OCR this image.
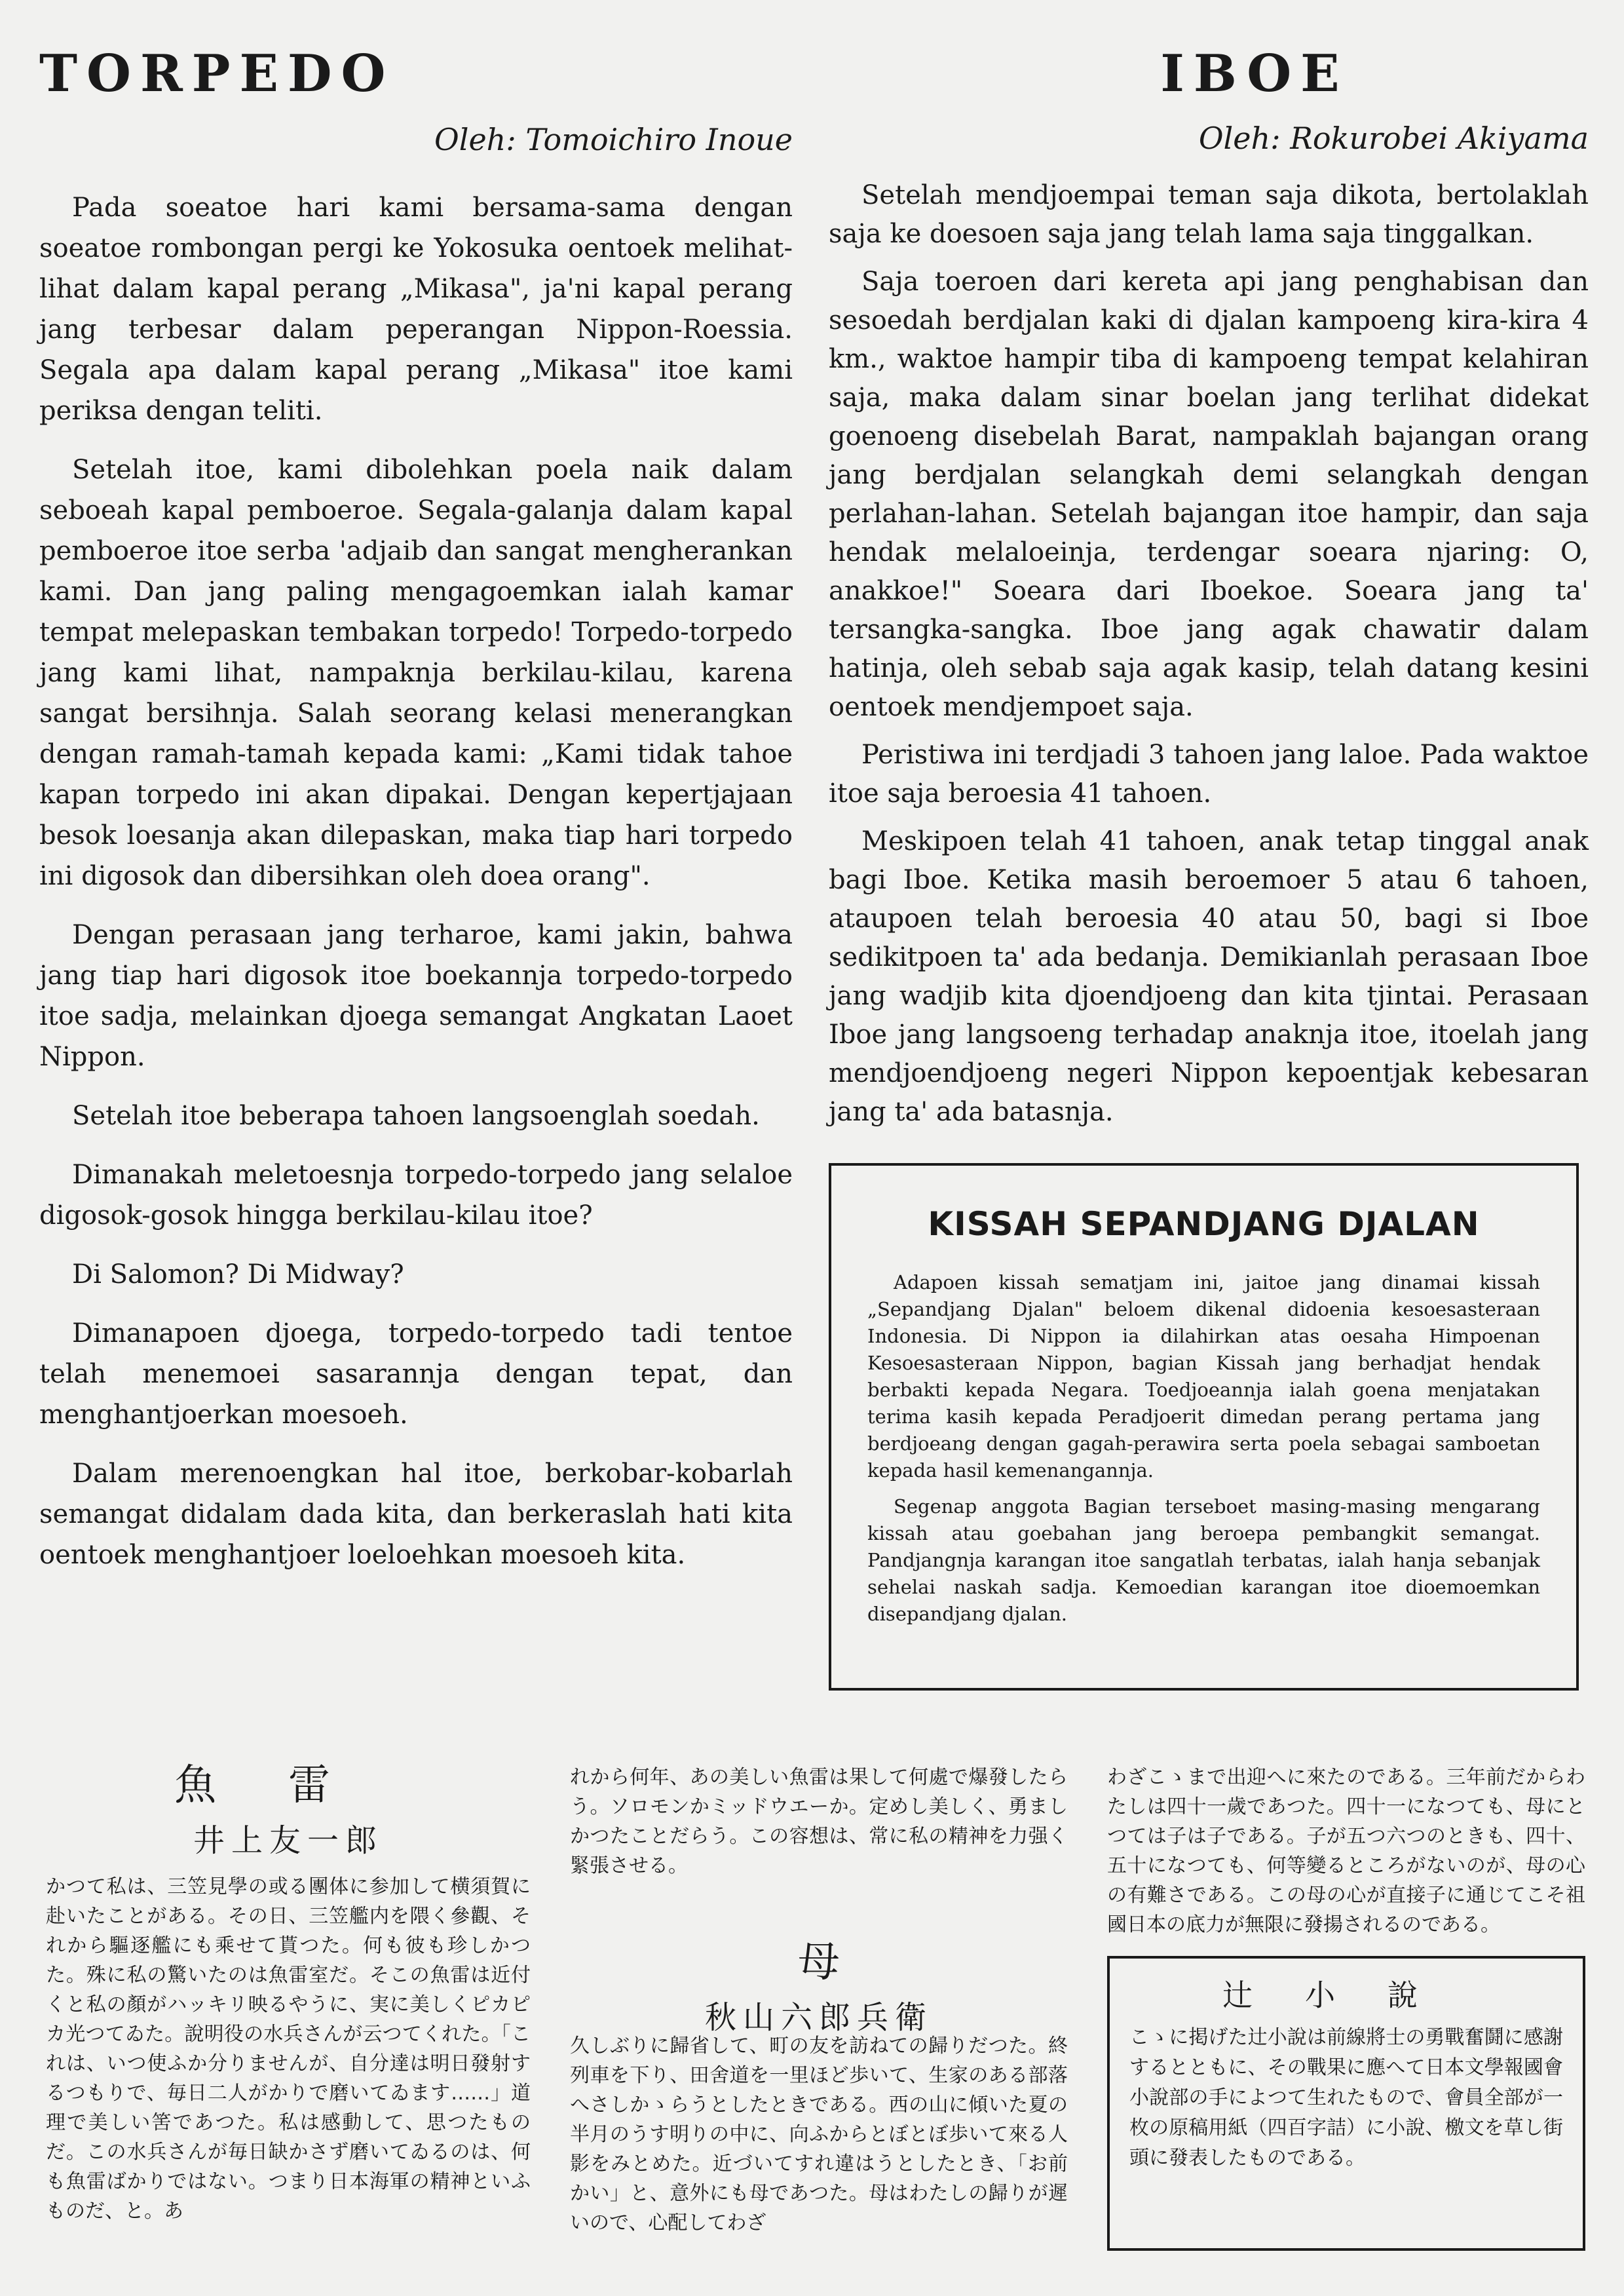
TORPEDO
Oleh: Tomoichiro Inoue

Pada soeatoe hari kami bersama-sama dengan soeatoe rombongan pergi ke Yokosuka oentoek melihat-lihat dalam kapal perang „Mikasa", ja'ni kapal perang jang terbesar dalam peperangan Nippon-Roessia. Segala apa dalam kapal perang „Mikasa" itoe kami periksa dengan teliti.

Setelah itoe, kami dibolehkan poela naik dalam seboeah kapal pemboeroe. Segala-galanja dalam kapal pemboeroe itoe serba 'adjaib dan sangat mengherankan kami. Dan jang paling mengagoemkan ialah kamar tempat melepaskan tembakan torpedo! Torpedo-torpedo jang kami lihat, nampaknja berkilau-kilau, karena sangat bersihnja. Salah seorang kelasi menerangkan dengan ramah-tamah kepada kami: „Kami tidak tahoe kapan torpedo ini akan dipakai. Dengan kepertjajaan besok loesanja akan dilepaskan, maka tiap hari torpedo ini digosok dan dibersihkan oleh doea orang".

Dengan perasaan jang terharoe, kami jakin, bahwa jang tiap hari digosok itoe boekannja torpedo-torpedo itoe sadja, melainkan djoega semangat Angkatan Laoet Nippon.

Setelah itoe beberapa tahoen langsoenglah soedah.

Dimanakah meletoesnja torpedo-torpedo jang selaloe digosok-gosok hingga berkilau-kilau itoe?

Di Salomon? Di Midway?

Dimanapoen djoega, torpedo-torpedo tadi tentoe telah menemoei sasarannja dengan tepat, dan menghantjoerkan moesoeh.

Dalam merenoengkan hal itoe, berkobar-kobarlah semangat didalam dada kita, dan berkeraslah hati kita oentoek menghantjoer loeloehkan moesoeh kita.

IBOE
Oleh: Rokurobei Akiyama

Setelah mendjoempai teman saja dikota, bertolaklah saja ke doesoen saja jang telah lama saja tinggalkan.

Saja toeroen dari kereta api jang penghabisan dan sesoedah berdjalan kaki di djalan kampoeng kira-kira 4 km., waktoe hampir tiba di kampoeng tempat kelahiran saja, maka dalam sinar boelan jang terlihat didekat goenoeng disebelah Barat, nampaklah bajangan orang jang berdjalan selangkah demi selangkah dengan perlahan-lahan. Setelah bajangan itoe hampir, dan saja hendak melaloeinja, terdengar soeara njaring: O, anakkoe!" Soeara dari Iboekoe. Soeara jang ta' tersangka-sangka. Iboe jang agak chawatir dalam hatinja, oleh sebab saja agak kasip, telah datang kesini oentoek mendjempoet saja.

Peristiwa ini terdjadi 3 tahoen jang laloe. Pada waktoe itoe saja beroesia 41 tahoen.

Meskipoen telah 41 tahoen, anak tetap tinggal anak bagi Iboe. Ketika masih beroemoer 5 atau 6 tahoen, ataupoen telah beroesia 40 atau 50, bagi si Iboe sedikitpoen ta' ada bedanja. Demikianlah perasaan Iboe jang wadjib kita djoendjoeng dan kita tjintai. Perasaan Iboe jang langsoeng terhadap anaknja itoe, itoelah jang mendjoendjoeng negeri Nippon kepoentjak kebesaran jang ta' ada batasnja.

KISSAH SEPANDJANG DJALAN

Adapoen kissah sematjam ini, jaitoe jang dinamai kissah „Sepandjang Djalan" beloem dikenal didoenia kesoesasteraan Indonesia. Di Nippon ia dilahirkan atas oesaha Himpoenan Kesoesasteraan Nippon, bagian Kissah jang berhadjat hendak berbakti kepada Negara. Toedjoeannja ialah goena menjatakan terima kasih kepada Peradjoerit dimedan perang pertama jang berdjoeang dengan gagah-perawira serta poela sebagai samboetan kepada hasil kemenangannja.

Segenap anggota Bagian terseboet masing-masing mengarang kissah atau goebahan jang beroepa pembangkit semangat. Pandjangnja karangan itoe sangatlah terbatas, ialah hanja sebanjak sehelai naskah sadja. Kemoedian karangan itoe dioemoemkan disepandjang djalan.

魚雷
井上友一郎

かつて私は、三笠見學の或る團体に参加して横須賀に赴いたことがある。その日、三笠艦内を隈く參觀、それから驅逐艦にも乘せて貰つた。何も彼も珍しかつた。殊に私の驚いたのは魚雷室だ。そこの魚雷は近付くと私の顏がハッキリ映るやうに、実に美しくピカピカ光つてゐた。說明役の水兵さんが云つてくれた。「これは、いつ使ふか分りませんが、自分達は明日發射するつもりで、毎日二人がかりで磨いてゐます……」道理で美しい筈であつた。私は感動して、思つたものだ。この水兵さんが毎日缺かさず磨いてゐるのは、何も魚雷ばかりではない。つまり日本海軍の精神といふものだ、と。あ

れから何年、あの美しい魚雷は果して何處で爆發したらう。ソロモンかミッドウエーか。定めし美しく、勇ましかつたことだらう。この容想は、常に私の精神を力强く緊張させる。

母
秋山六郎兵衛

久しぶりに歸省して、町の友を訪ねての歸りだつた。終列車を下り、田舍道を一里ほど歩いて、生家のある部落へさしかゝらうとしたときである。西の山に傾いた夏の半月のうす明りの中に、向ふからとぼとぼ歩いて來る人影をみとめた。近づいてすれ違はうとしたとき、「お前かい」と、意外にも母であつた。母はわたしの歸りが遲いので、心配してわざ

わざこゝまで出迎へに來たのである。三年前だからわたしは四十一歲であつた。四十一になつても、母にとつては子は子である。子が五つ六つのときも、四十、五十になつても、何等變るところがないのが、母の心の有難さである。この母の心が直接子に通じてこそ祖國日本の底力が無限に發揚されるのである。

辻小說

こゝに掲げた辻小說は前線將士の勇戰奮鬪に感謝するとともに、その戰果に應へて日本文學報國會小說部の手によつて生れたもので、會員全部が一枚の原稿用紙（四百字詰）に小說、檄文を草し街頭に發表したものである。
